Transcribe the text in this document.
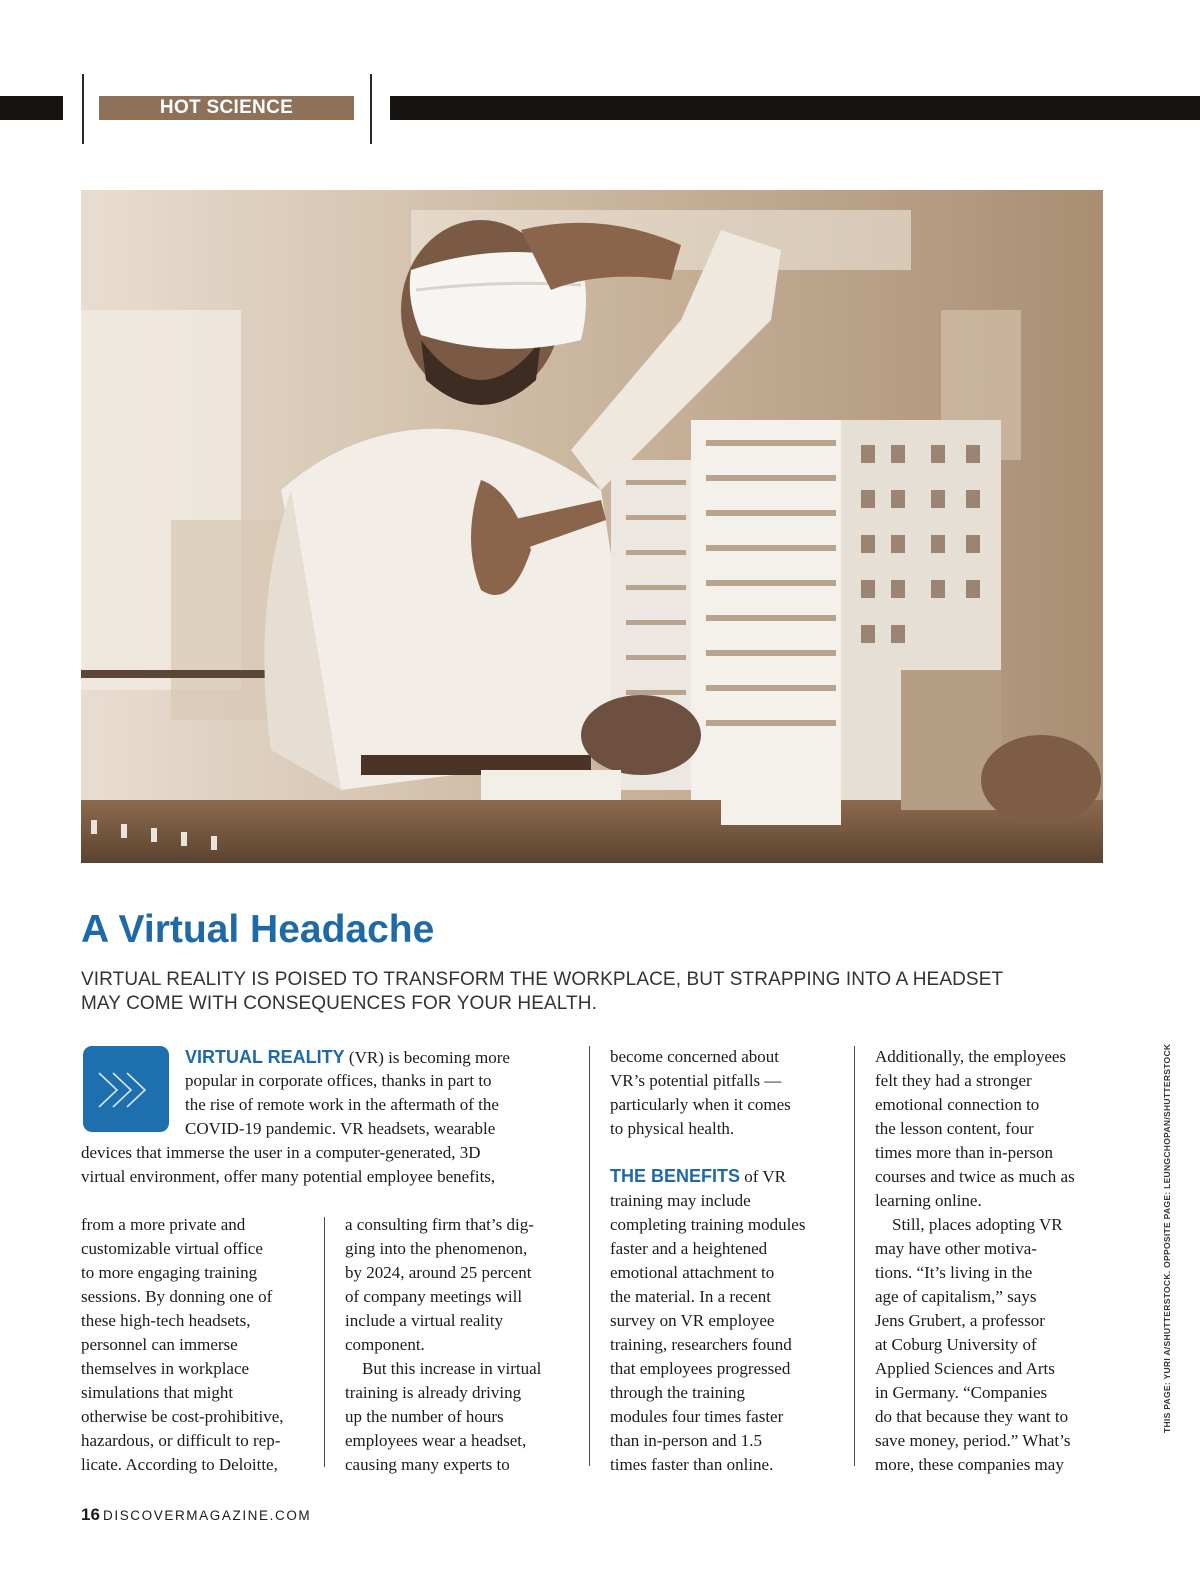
HOT SCIENCE
A Virtual Headache
VIRTUAL REALITY IS POISED TO TRANSFORM THE WORKPLACE, BUT STRAPPING INTO A HEADSET
MAY COME WITH CONSEQUENCES FOR YOUR HEALTH.
VIRTUAL REALITY (VR) is becoming more
popular in corporate offices, thanks in part to
the rise of remote work in the aftermath of the
COVID-19 pandemic. VR headsets, wearable
devices that immerse the user in a computer-generated, 3D
virtual environment, offer many potential employee benefits,
from a more private and
customizable virtual office
to more engaging training
sessions. By donning one of
these high-tech headsets,
personnel can immerse
themselves in workplace
simulations that might
otherwise be cost-prohibitive,
hazardous, or difficult to rep-
licate. According to Deloitte,
a consulting firm that’s dig-
ging into the phenomenon,
by 2024, around 25 percent
of company meetings will
include a virtual reality
component.
But this increase in virtual
training is already driving
up the number of hours
employees wear a headset,
causing many experts to
become concerned about
VR’s potential pitfalls —
particularly when it comes
to physical health.
THE BENEFITS of VR
training may include
completing training modules
faster and a heightened
emotional attachment to
the material. In a recent
survey on VR employee
training, researchers found
that employees progressed
through the training
modules four times faster
than in-person and 1.5
times faster than online.
Additionally, the employees
felt they had a stronger
emotional connection to
the lesson content, four
times more than in-person
courses and twice as much as
learning online.
Still, places adopting VR
may have other motiva-
tions. “It’s living in the
age of capitalism,” says
Jens Grubert, a professor
at Coburg University of
Applied Sciences and Arts
in Germany. “Companies
do that because they want to
save money, period.” What’s
more, these companies may
THIS PAGE: YURI A/SHUTTERSTOCK. OPPOSITE PAGE: LEUNGCHOPAN/SHUTTERSTOCK
16 DISCOVERMAGAZINE.COM
